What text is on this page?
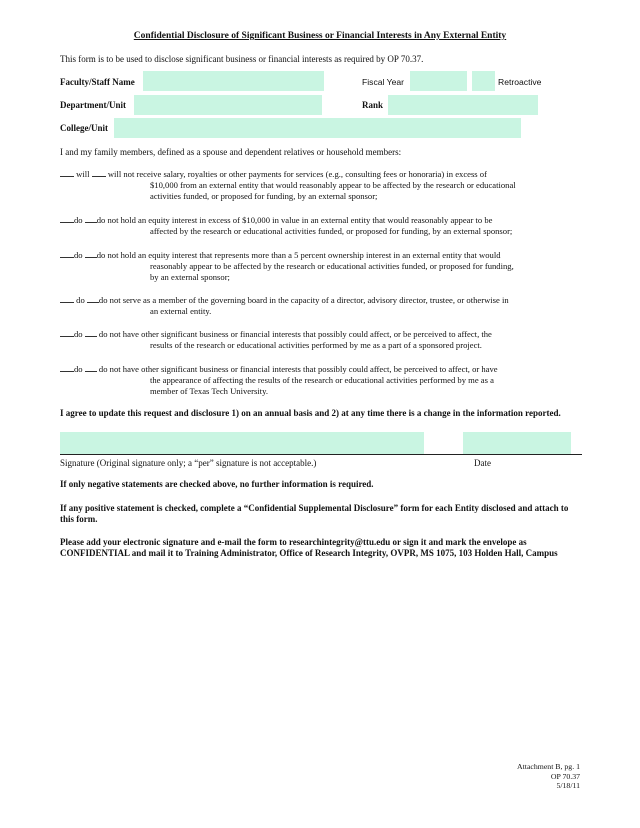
Confidential Disclosure of Significant Business or Financial Interests in Any External Entity
This form is to be used to disclose significant business or financial interests as required by OP 70.37.
Faculty/Staff Name	Fiscal Year	Retroactive
Department/Unit	Rank
College/Unit
I and my family members, defined as a spouse and dependent relatives or household members:
will will not receive salary, royalties or other payments for services (e.g., consulting fees or honoraria) in excess of
$10,000 from an external entity that would reasonably appear to be affected by the research or educational
activities funded, or proposed for funding, by an external sponsor;
do do not hold an equity interest in excess of $10,000 in value in an external entity that would reasonably appear to be
affected by the research or educational activities funded, or proposed for funding, by an external sponsor;
do do not hold an equity interest that represents more than a 5 percent ownership interest in an external entity that would
reasonably appear to be affected by the research or educational activities funded, or proposed for funding,
by an external sponsor;
do do not serve as a member of the governing board in the capacity of a director, advisory director, trustee, or otherwise in
an external entity.
do do not have other significant business or financial interests that possibly could affect, or be perceived to affect, the
results of the research or educational activities performed by me as a part of a sponsored project.
do do not have other significant business or financial interests that possibly could affect, be perceived to affect, or have
the appearance of affecting the results of the research or educational activities performed by me as a
member of Texas Tech University.
I agree to update this request and disclosure 1) on an annual basis and 2) at any time there is a change in the information reported.
Signature (Original signature only; a “per” signature is not acceptable.)	Date
If only negative statements are checked above, no further information is required.
If any positive statement is checked, complete a “Confidential Supplemental Disclosure” form for each Entity disclosed and attach to this form.
Please add your electronic signature and e-mail the form to researchintegrity@ttu.edu or sign it and mark the envelope as CONFIDENTIAL and mail it to Training Administrator, Office of Research Integrity, OVPR, MS 1075, 103 Holden Hall, Campus
Attachment B, pg. 1
OP 70.37
5/18/11
